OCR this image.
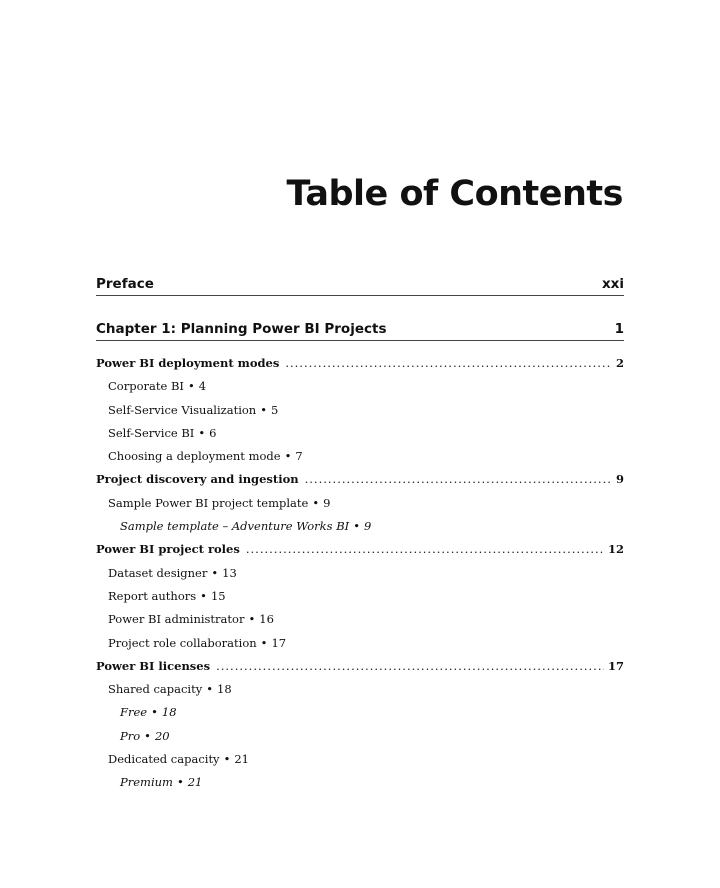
Table of Contents
Preface	xxi
Chapter 1: Planning Power BI Projects	1
Power BI deployment modes .....	2
Corporate BI • 4
Self-Service Visualization • 5
Self-Service BI • 6
Choosing a deployment mode • 7
Project discovery and ingestion .....	9
Sample Power BI project template • 9
Sample template – Adventure Works BI • 9
Power BI project roles .....	12
Dataset designer • 13
Report authors • 15
Power BI administrator • 16
Project role collaboration • 17
Power BI licenses .....	17
Shared capacity • 18
Free • 18
Pro • 20
Dedicated capacity • 21
Premium • 21
